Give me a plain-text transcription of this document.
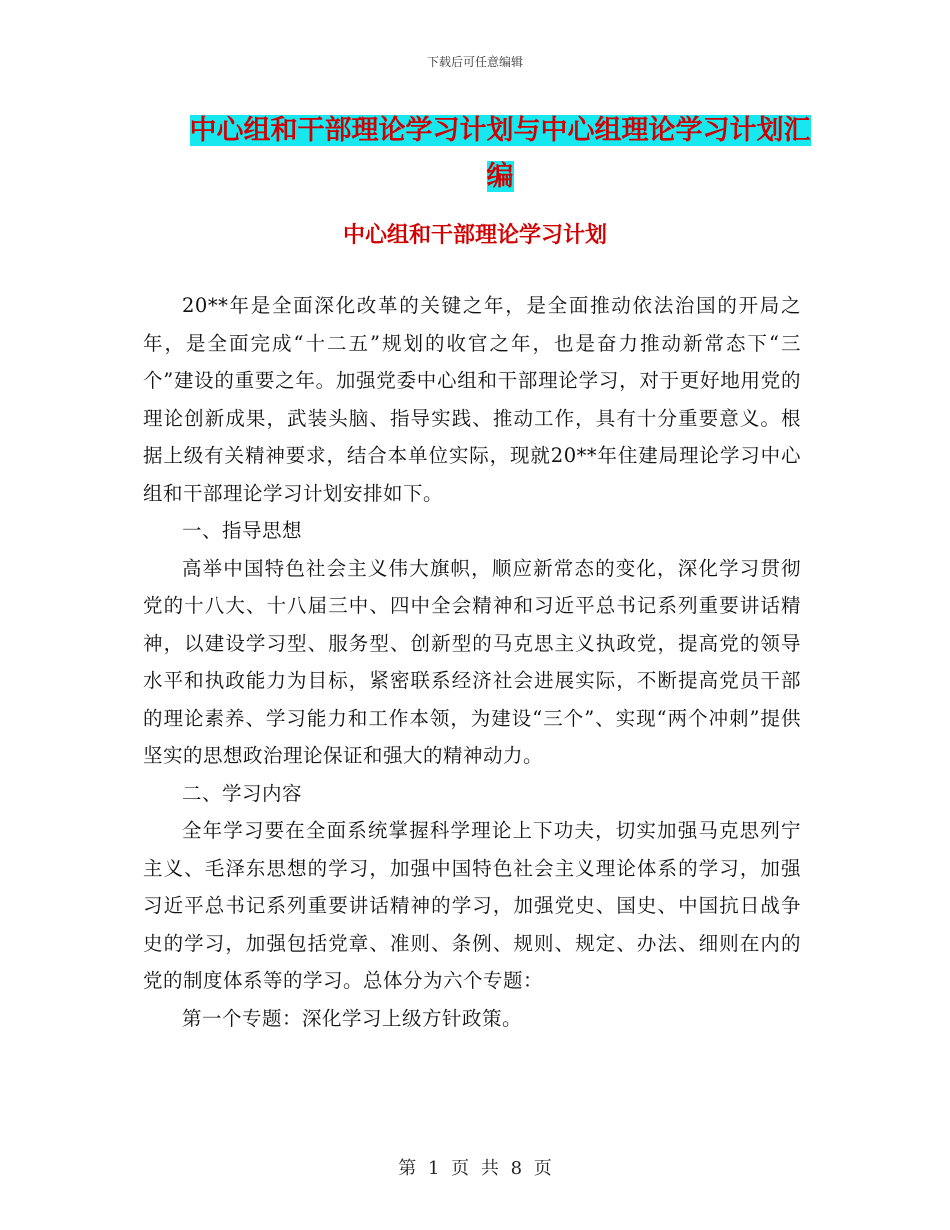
下载后可任意编辑
中心组和干部理论学习计划与中心组理论学习计划汇
编
中心组和干部理论学习计划

20**年是全面深化改革的关键之年，是全面推动依法治国的开局之年，是全面完成“十二五”规划的收官之年，也是奋力推动新常态下“三个”建设的重要之年。加强党委中心组和干部理论学习，对于更好地用党的理论创新成果，武装头脑、指导实践、推动工作，具有十分重要意义。根据上级有关精神要求，结合本单位实际，现就20**年住建局理论学习中心组和干部理论学习计划安排如下。

一、指导思想

高举中国特色社会主义伟大旗帜，顺应新常态的变化，深化学习贯彻党的十八大、十八届三中、四中全会精神和习近平总书记系列重要讲话精神，以建设学习型、服务型、创新型的马克思主义执政党，提高党的领导水平和执政能力为目标，紧密联系经济社会进展实际，不断提高党员干部的理论素养、学习能力和工作本领，为建设“三个”、实现“两个冲刺”提供坚实的思想政治理论保证和强大的精神动力。

二、学习内容

全年学习要在全面系统掌握科学理论上下功夫，切实加强马克思列宁主义、毛泽东思想的学习，加强中国特色社会主义理论体系的学习，加强习近平总书记系列重要讲话精神的学习，加强党史、国史、中国抗日战争史的学习，加强包括党章、准则、条例、规则、规定、办法、细则在内的党的制度体系等的学习。总体分为六个专题：

第一个专题：深化学习上级方针政策。

第 1 页 共 8 页
